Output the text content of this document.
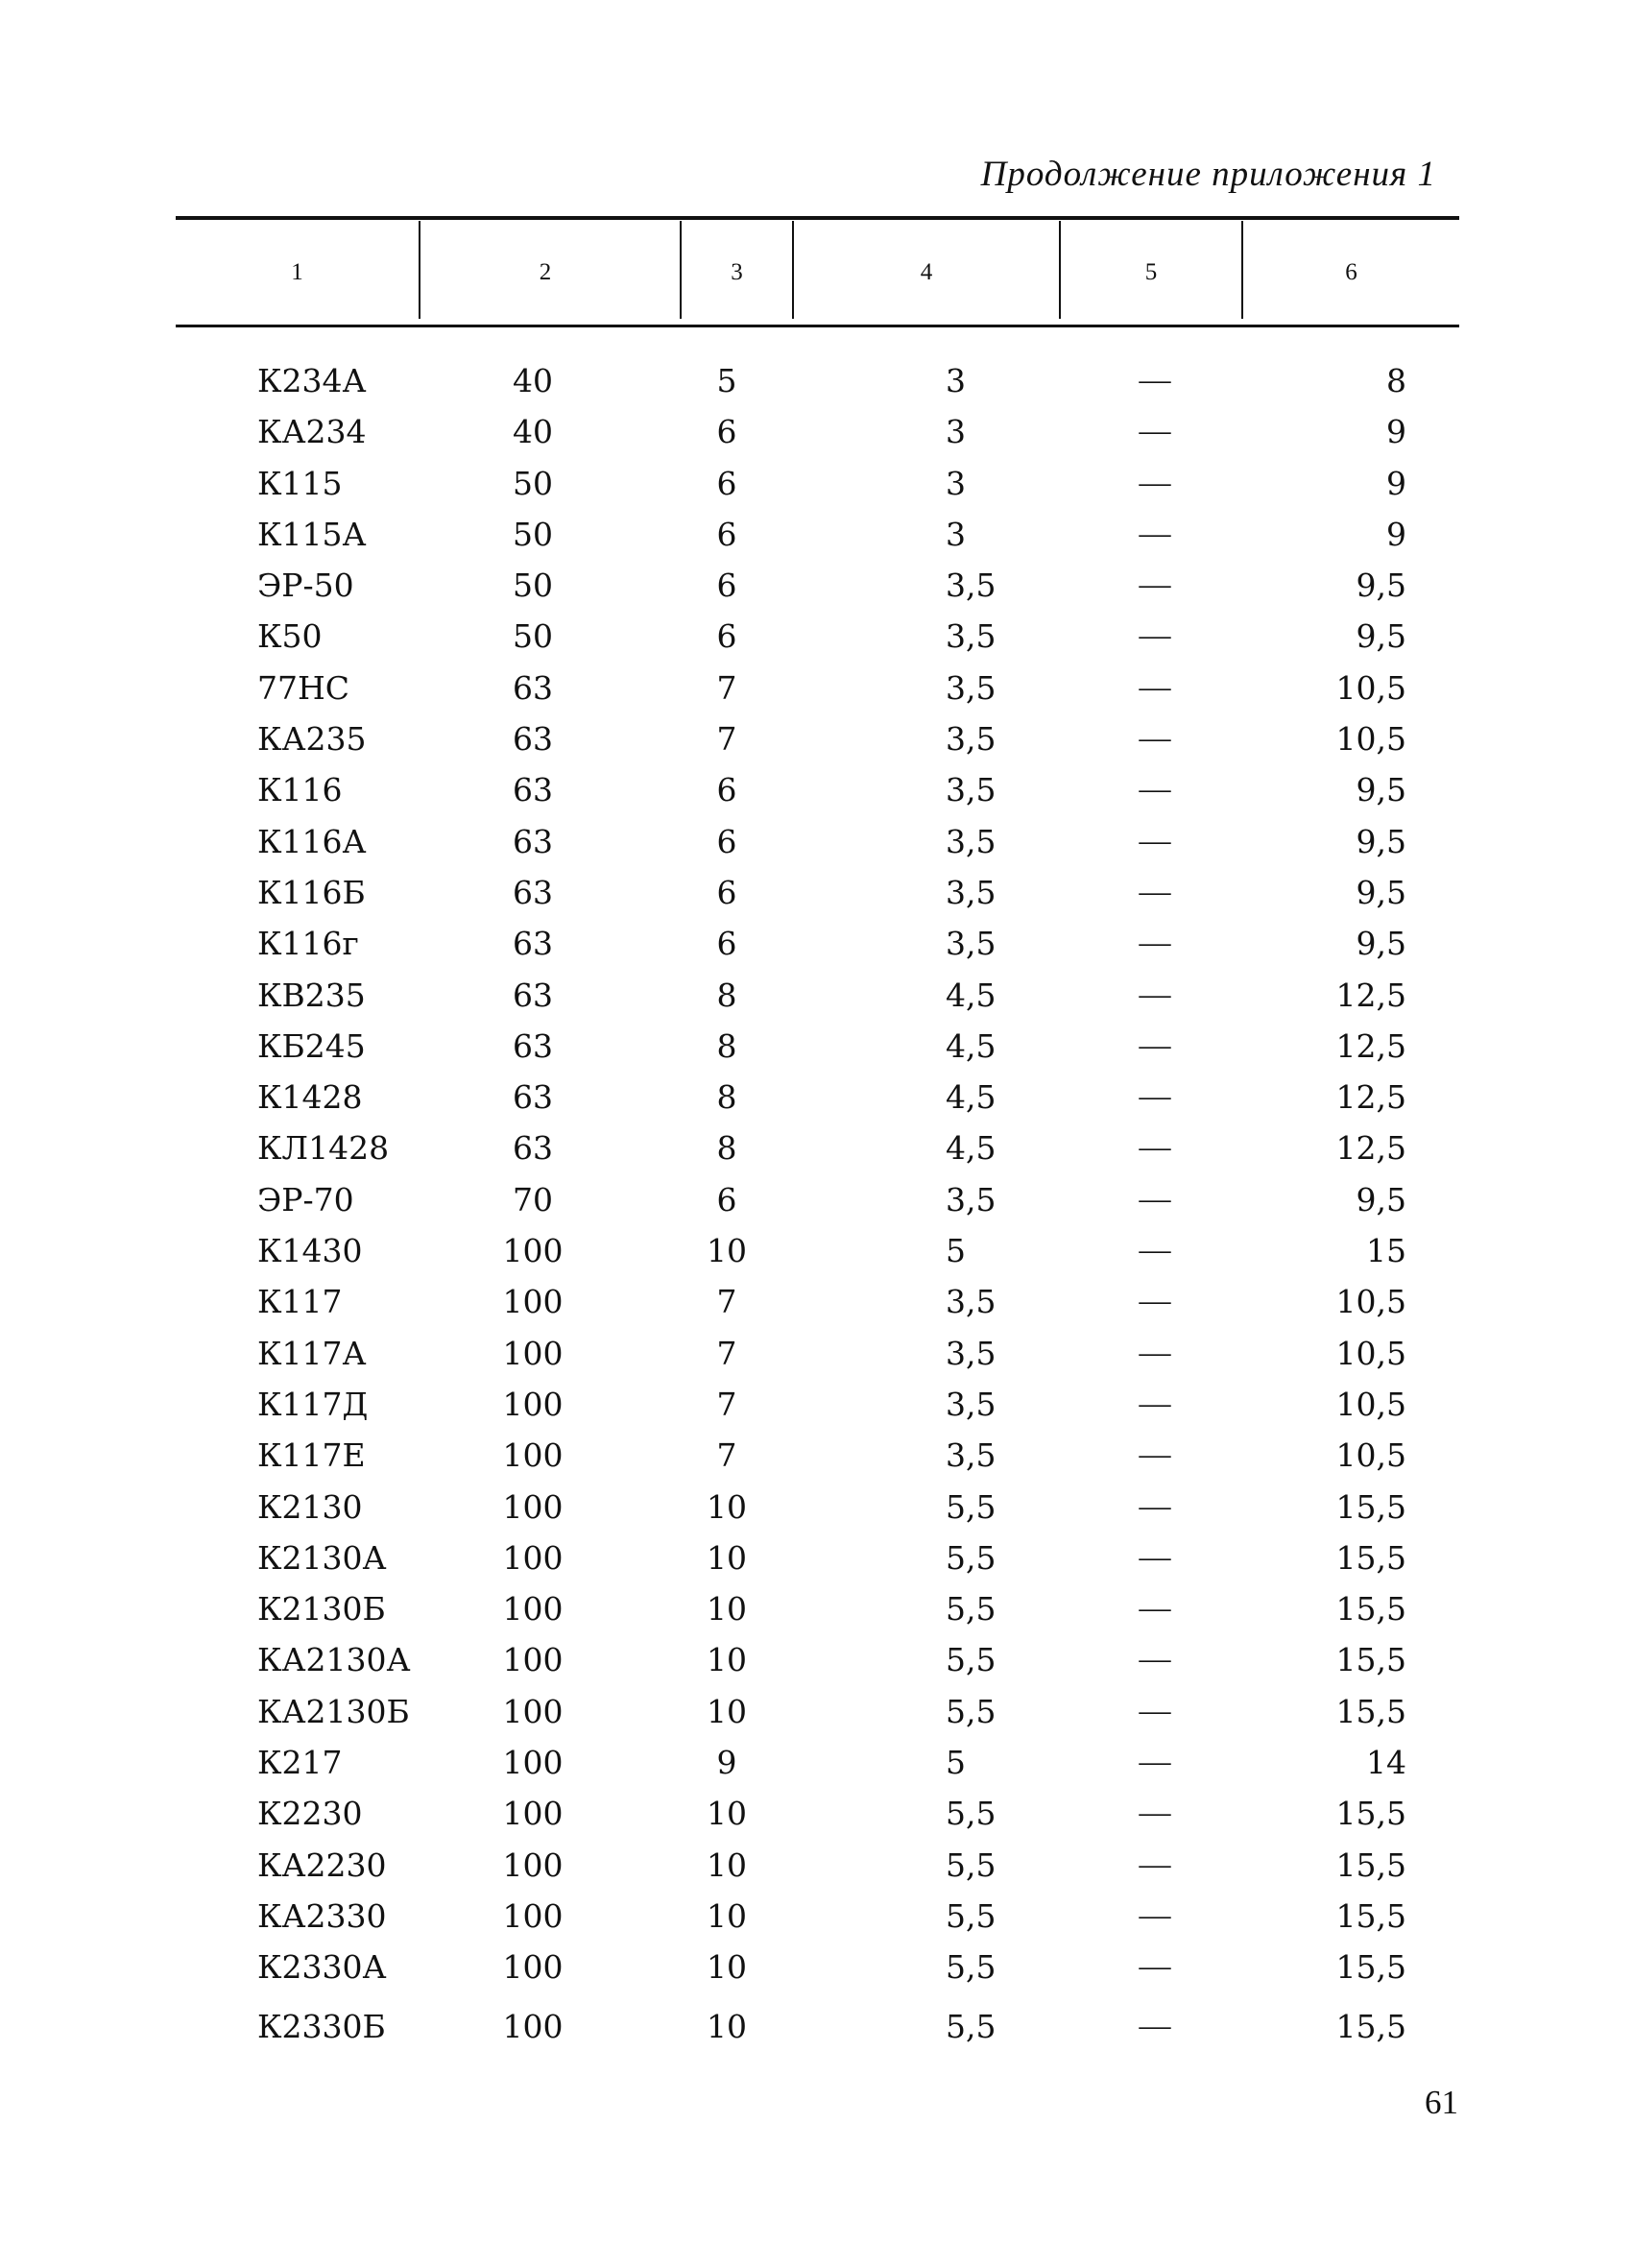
Продолжение приложения 1
1	2	3	4	5	6
К234А	40	5	3	—	8
КА234	40	6	3	—	9
К115	50	6	3	—	9
К115А	50	6	3	—	9
ЭР-50	50	6	3,5	—	9,5
К50	50	6	3,5	—	9,5
77НС	63	7	3,5	—	10,5
КА235	63	7	3,5	—	10,5
К116	63	6	3,5	—	9,5
К116А	63	6	3,5	—	9,5
К116Б	63	6	3,5	—	9,5
К116г	63	6	3,5	—	9,5
КВ235	63	8	4,5	—	12,5
КБ245	63	8	4,5	—	12,5
К1428	63	8	4,5	—	12,5
КЛ1428	63	8	4,5	—	12,5
ЭР-70	70	6	3,5	—	9,5
К1430	100	10	5	—	15
К117	100	7	3,5	—	10,5
К117А	100	7	3,5	—	10,5
К117Д	100	7	3,5	—	10,5
К117Е	100	7	3,5	—	10,5
К2130	100	10	5,5	—	15,5
К2130А	100	10	5,5	—	15,5
К2130Б	100	10	5,5	—	15,5
КА2130А	100	10	5,5	—	15,5
КА2130Б	100	10	5,5	—	15,5
К217	100	9	5	—	14
К2230	100	10	5,5	—	15,5
КА2230	100	10	5,5	—	15,5
КА2330	100	10	5,5	—	15,5
К2330А	100	10	5,5	—	15,5
К2330Б	100	10	5,5	—	15,5
61
